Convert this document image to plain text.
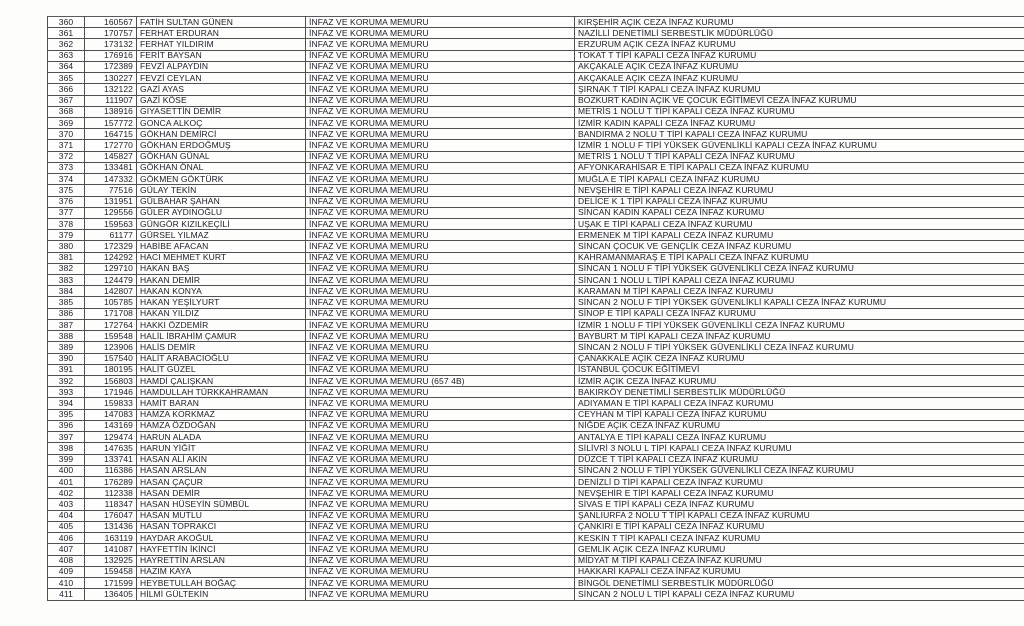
360	160567	FATİH SULTAN GÜNEN	İNFAZ VE KORUMA MEMURU	KIRŞEHİR AÇIK CEZA İNFAZ KURUMU
361	170757	FERHAT ERDURAN	İNFAZ VE KORUMA MEMURU	NAZİLLİ DENETİMLİ SERBESTLİK MÜDÜRLÜĞÜ
362	173132	FERHAT YILDIRIM	İNFAZ VE KORUMA MEMURU	ERZURUM AÇIK CEZA İNFAZ KURUMU
363	176916	FERİT BAYSAN	İNFAZ VE KORUMA MEMURU	TOKAT T TİPİ KAPALI CEZA İNFAZ KURUMU
364	172389	FEVZİ ALPAYDIN	İNFAZ VE KORUMA MEMURU	AKÇAKALE AÇIK CEZA İNFAZ KURUMU
365	130227	FEVZİ CEYLAN	İNFAZ VE KORUMA MEMURU	AKÇAKALE AÇIK CEZA İNFAZ KURUMU
366	132122	GAZİ AYAS	İNFAZ VE KORUMA MEMURU	ŞIRNAK T TİPİ KAPALI CEZA İNFAZ KURUMU
367	111907	GAZİ KÖSE	İNFAZ VE KORUMA MEMURU	BOZKURT KADIN AÇIK VE ÇOCUK EĞİTİMEVİ CEZA İNFAZ KURUMU
368	138916	GIYASETTİN DEMİR	İNFAZ VE KORUMA MEMURU	METRİS 1 NOLU T TİPİ KAPALI CEZA İNFAZ KURUMU
369	157772	GONCA ALKOÇ	İNFAZ VE KORUMA MEMURU	İZMİR KADIN KAPALI CEZA İNFAZ KURUMU
370	164715	GÖKHAN DEMİRCİ	İNFAZ VE KORUMA MEMURU	BANDIRMA 2 NOLU T TİPİ KAPALI CEZA İNFAZ KURUMU
371	172770	GÖKHAN ERDOĞMUŞ	İNFAZ VE KORUMA MEMURU	İZMİR 1 NOLU F TİPİ YÜKSEK GÜVENLİKLİ KAPALI CEZA İNFAZ KURUMU
372	145827	GÖKHAN GÜNAL	İNFAZ VE KORUMA MEMURU	METRİS 1 NOLU T TİPİ KAPALI CEZA İNFAZ KURUMU
373	133481	GÖKHAN ÖNAL	İNFAZ VE KORUMA MEMURU	AFYONKARAHİSAR E TİPİ KAPALI CEZA İNFAZ KURUMU
374	147332	GÖKMEN GÖKTÜRK	İNFAZ VE KORUMA MEMURU	MUĞLA E TİPİ KAPALI CEZA İNFAZ KURUMU
375	77516	GÜLAY TEKİN	İNFAZ VE KORUMA MEMURU	NEVŞEHİR E TİPİ KAPALI CEZA İNFAZ KURUMU
376	131951	GÜLBAHAR ŞAHAN	İNFAZ VE KORUMA MEMURU	DELİCE K 1 TİPİ KAPALI CEZA İNFAZ KURUMU
377	129556	GÜLER AYDINOĞLU	İNFAZ VE KORUMA MEMURU	SİNCAN KADIN KAPALI CEZA İNFAZ KURUMU
378	159563	GÜNGÖR KIZILKEÇİLİ	İNFAZ VE KORUMA MEMURU	UŞAK E TİPİ KAPALI CEZA İNFAZ KURUMU
379	61177	GÜRSEL YILMAZ	İNFAZ VE KORUMA MEMURU	ERMENEK M TİPİ KAPALI CEZA İNFAZ KURUMU
380	172329	HABİBE AFACAN	İNFAZ VE KORUMA MEMURU	SİNCAN ÇOCUK VE GENÇLİK CEZA İNFAZ KURUMU
381	124292	HACI MEHMET KURT	İNFAZ VE KORUMA MEMURU	KAHRAMANMARAŞ E TİPİ KAPALI CEZA İNFAZ KURUMU
382	129710	HAKAN BAŞ	İNFAZ VE KORUMA MEMURU	SİNCAN 1 NOLU F TİPİ YÜKSEK GÜVENLİKLİ CEZA İNFAZ KURUMU
383	124479	HAKAN DEMİR	İNFAZ VE KORUMA MEMURU	SİNCAN 1 NOLU L TİPİ KAPALI CEZA İNFAZ KURUMU
384	142807	HAKAN KONYA	İNFAZ VE KORUMA MEMURU	KARAMAN M TİPİ KAPALI CEZA İNFAZ KURUMU
385	105785	HAKAN YEŞİLYURT	İNFAZ VE KORUMA MEMURU	SİNCAN 2 NOLU F TİPİ YÜKSEK GÜVENLİKLİ KAPALI CEZA İNFAZ KURUMU
386	171708	HAKAN YILDIZ	İNFAZ VE KORUMA MEMURU	SİNOP E TİPİ KAPALI CEZA İNFAZ KURUMU
387	172764	HAKKI ÖZDEMİR	İNFAZ VE KORUMA MEMURU	İZMİR 1 NOLU F TİPİ YÜKSEK GÜVENLİKLİ CEZA İNFAZ KURUMU
388	159548	HALİL İBRAHİM ÇAMUR	İNFAZ VE KORUMA MEMURU	BAYBURT M TİPİ KAPALI CEZA İNFAZ KURUMU
389	123906	HALİS DEMİR	İNFAZ VE KORUMA MEMURU	SİNCAN 2 NOLU F TİPİ YÜKSEK GÜVENLİKLİ CEZA İNFAZ KURUMU
390	157540	HALİT ARABACIOĞLU	İNFAZ VE KORUMA MEMURU	ÇANAKKALE AÇIK CEZA İNFAZ KURUMU
391	180195	HALİT GÜZEL	İNFAZ VE KORUMA MEMURU	İSTANBUL ÇOCUK EĞİTİMEVİ
392	156803	HAMDİ ÇALIŞKAN	İNFAZ VE KORUMA MEMURU (657 4B)	İZMİR AÇIK CEZA İNFAZ KURUMU
393	171946	HAMDULLAH TÜRKKAHRAMAN	İNFAZ VE KORUMA MEMURU	BAKIRKÖY DENETİMLİ SERBESTLİK MÜDÜRLÜĞÜ
394	159833	HAMİT BARAN	İNFAZ VE KORUMA MEMURU	ADIYAMAN E TİPİ KAPALI CEZA İNFAZ KURUMU
395	147083	HAMZA KORKMAZ	İNFAZ VE KORUMA MEMURU	CEYHAN M TİPİ KAPALI CEZA İNFAZ KURUMU
396	143169	HAMZA ÖZDOĞAN	İNFAZ VE KORUMA MEMURU	NİĞDE AÇIK CEZA İNFAZ KURUMU
397	129474	HARUN ALADA	İNFAZ VE KORUMA MEMURU	ANTALYA E TİPİ KAPALI CEZA İNFAZ KURUMU
398	147635	HARUN YİĞİT	İNFAZ VE KORUMA MEMURU	SİLİVRİ 3 NOLU L TİPİ KAPALI CEZA İNFAZ KURUMU
399	133741	HASAN ALİ AKIN	İNFAZ VE KORUMA MEMURU	DÜZCE T TİPİ KAPALI CEZA İNFAZ KURUMU
400	116386	HASAN ARSLAN	İNFAZ VE KORUMA MEMURU	SİNCAN 2 NOLU F TİPİ YÜKSEK GÜVENLİKLİ CEZA İNFAZ KURUMU
401	176289	HASAN ÇAÇUR	İNFAZ VE KORUMA MEMURU	DENİZLİ D TİPİ KAPALI CEZA İNFAZ KURUMU
402	112338	HASAN DEMİR	İNFAZ VE KORUMA MEMURU	NEVŞEHİR E TİPİ KAPALI CEZA İNFAZ KURUMU
403	118347	HASAN HÜSEYİN SÜMBÜL	İNFAZ VE KORUMA MEMURU	SİVAS E TİPİ KAPALI CEZA İNFAZ KURUMU
404	176047	HASAN MUTLU	İNFAZ VE KORUMA MEMURU	ŞANLIURFA 2 NOLU T TİPİ KAPALI CEZA İNFAZ KURUMU
405	131436	HASAN TOPRAKCI	İNFAZ VE KORUMA MEMURU	ÇANKIRI E TİPİ KAPALI CEZA İNFAZ KURUMU
406	163119	HAYDAR AKOĞUL	İNFAZ VE KORUMA MEMURU	KESKİN T TİPİ KAPALI CEZA İNFAZ KURUMU
407	141087	HAYFETTİN İKİNCİ	İNFAZ VE KORUMA MEMURU	GEMLİK AÇIK CEZA İNFAZ KURUMU
408	132925	HAYRETTİN ARSLAN	İNFAZ VE KORUMA MEMURU	MİDYAT M TİPİ KAPALI CEZA İNFAZ KURUMU
409	159458	HAZIM KAYA	İNFAZ VE KORUMA MEMURU	HAKKARİ KAPALI CEZA İNFAZ KURUMU
410	171599	HEYBETULLAH BOĞAÇ	İNFAZ VE KORUMA MEMURU	BİNGÖL DENETİMLİ SERBESTLİK MÜDÜRLÜĞÜ
411	136405	HİLMİ GÜLTEKİN	İNFAZ VE KORUMA MEMURU	SİNCAN 2 NOLU L TİPİ KAPALI CEZA İNFAZ KURUMU
